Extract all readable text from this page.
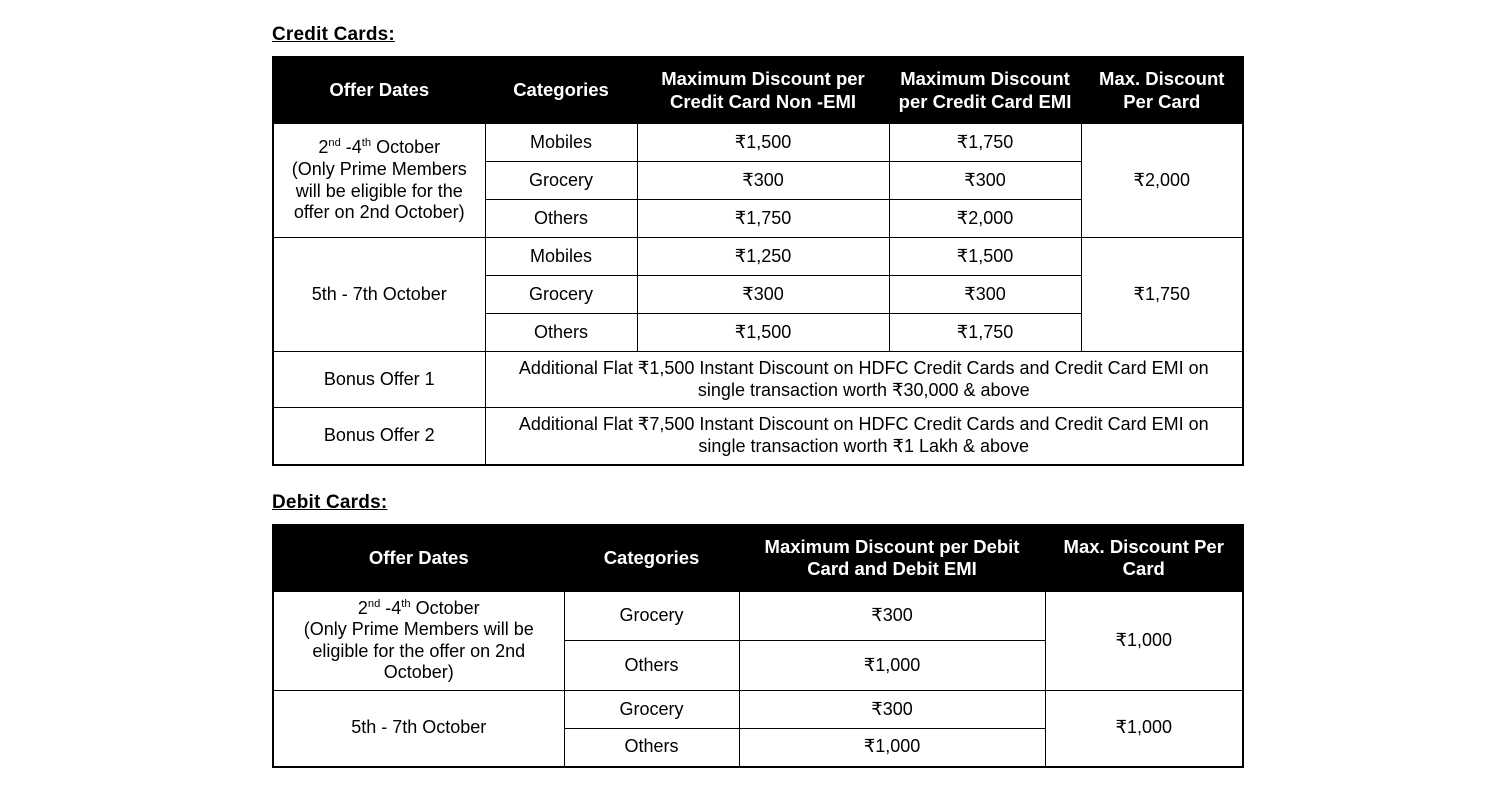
Credit Cards:
Offer Dates	Categories	Maximum Discount per Credit Card Non -EMI	Maximum Discount per Credit Card EMI	Max. Discount Per Card
2nd -4th October
(Only Prime Members will be eligible for the offer on 2nd October)	Mobiles	₹1,500	₹1,750	₹2,000
	Grocery	₹300	₹300	
	Others	₹1,750	₹2,000	
5th - 7th October	Mobiles	₹1,250	₹1,500	₹1,750
	Grocery	₹300	₹300	
	Others	₹1,500	₹1,750	
Bonus Offer 1	Additional Flat ₹1,500 Instant Discount on HDFC Credit Cards and Credit Card EMI on single transaction worth ₹30,000 & above			
Bonus Offer 2	Additional Flat ₹7,500 Instant Discount on HDFC Credit Cards and Credit Card EMI on single transaction worth ₹1 Lakh & above			
Debit Cards:
Offer Dates	Categories	Maximum Discount per Debit Card and Debit EMI	Max. Discount Per Card
2nd -4th October
(Only Prime Members will be eligible for the offer on 2nd October)	Grocery	₹300	₹1,000
	Others	₹1,000	
5th - 7th October	Grocery	₹300	₹1,000
	Others	₹1,000	
